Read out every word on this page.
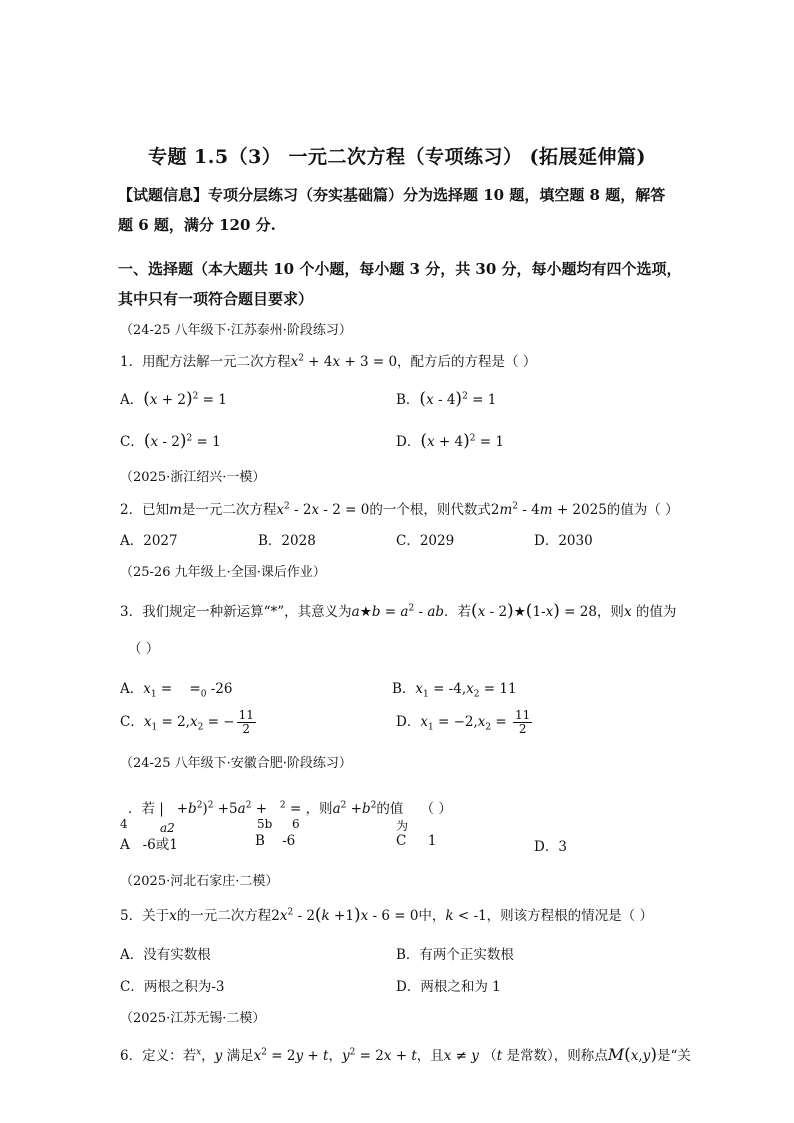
专题 1.5（3） 一元二次方程（专项练习） (拓展延伸篇)
【试题信息】专项分层练习（夯实基础篇）分为选择题 10 题，填空题 8 题，解答题 6 题，满分 120 分.
一、选择题（本大题共 10 个小题，每小题 3 分，共 30 分，每小题均有四个选项，其中只有一项符合题目要求）
（24-25 八年级下·江苏泰州·阶段练习）
1．用配方法解一元二次方程$x^2 + 4x + 3 = 0$，配方后的方程是（ ）
A．$(x + 2)^2 = 1$	B．(x - 4)$^2$ = 1
C．(x - 2)$^2$ = 1	D．$(x + 4)^2 = 1$
（2025·浙江绍兴·一模）
2．已知m是一元二次方程$x^2 - 2x - 2 = 0$的一个根，则代数式$2m^2 - 4m + 2025$的值为（ ）
A．2027	B．2028	C．2029	D．2030
（25-26 九年级上·全国·课后作业）
3．我们规定一种新运算“*”，其意义为a★b = $a^2$ - ab．若(x - 2)★(1-x) = 28，则x 的值为
（ ）
A．$x_1$ =    $=_0$ -26	B．$x_1 = -4,x_2 = 11$
C．$x_1 = 2,x_2$ = − $\frac{11}{2}$	D．$x_1 = -2,x_2 = \frac{11}{2}$
（24-25 八年级下·安徽合肥·阶段练习）
．若 |   $+b^2)^2 +5a^2 + ^2$ = ，则$a^2 +b^2$的值 （ ）
4	a2	5b 6	为
A -6或1	B -6	C 1	D．3
（2025·河北石家庄·二模）
5．关于x的一元二次方程$2x^2 - 2(k +1)x - 6 = 0$中，k < -1，则该方程根的情况是（ ）
A．没有实数根	B．有两个正实数根
C．两根之积为-3	D．两根之和为 1
（2025·江苏无锡·二模）
6．定义：若$^x$，y 满足$x^2 = 2y + t$，$y^2 = 2x + t$，且x ≠ y （t 是常数），则称点M(x,y)是“关
